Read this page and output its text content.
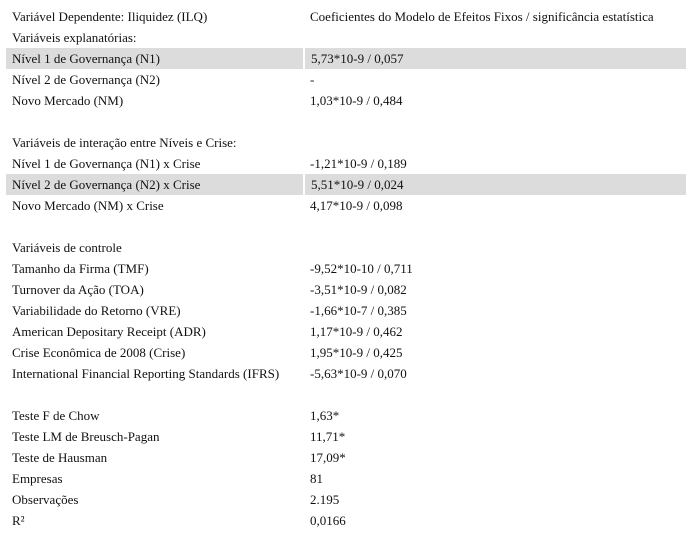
Variável Dependente: Iliquidez (ILQ)	Coeficientes do Modelo de Efeitos Fixos / significância estatística
Variáveis explanatórias:	
Nível 1 de Governança (N1)	5,73*10-9 / 0,057
Nível 2 de Governança (N2)	-
Novo Mercado (NM)	1,03*10-9 / 0,484

Variáveis de interação entre Níveis e Crise:	
Nível 1 de Governança (N1) x Crise	-1,21*10-9 / 0,189
Nível 2 de Governança (N2) x Crise	5,51*10-9 / 0,024
Novo Mercado (NM) x Crise	4,17*10-9 / 0,098

Variáveis de controle	
Tamanho da Firma (TMF)	-9,52*10-10 / 0,711
Turnover da Ação (TOA)	-3,51*10-9 / 0,082
Variabilidade do Retorno (VRE)	-1,66*10-7 / 0,385
American Depositary Receipt (ADR)	1,17*10-9 / 0,462
Crise Econômica de 2008 (Crise)	1,95*10-9 / 0,425
International Financial Reporting Standards (IFRS)	-5,63*10-9 / 0,070

Teste F de Chow	1,63*
Teste LM de Breusch-Pagan	11,71*
Teste de Hausman	17,09*
Empresas	81
Observações	2.195
R²	0,0166
